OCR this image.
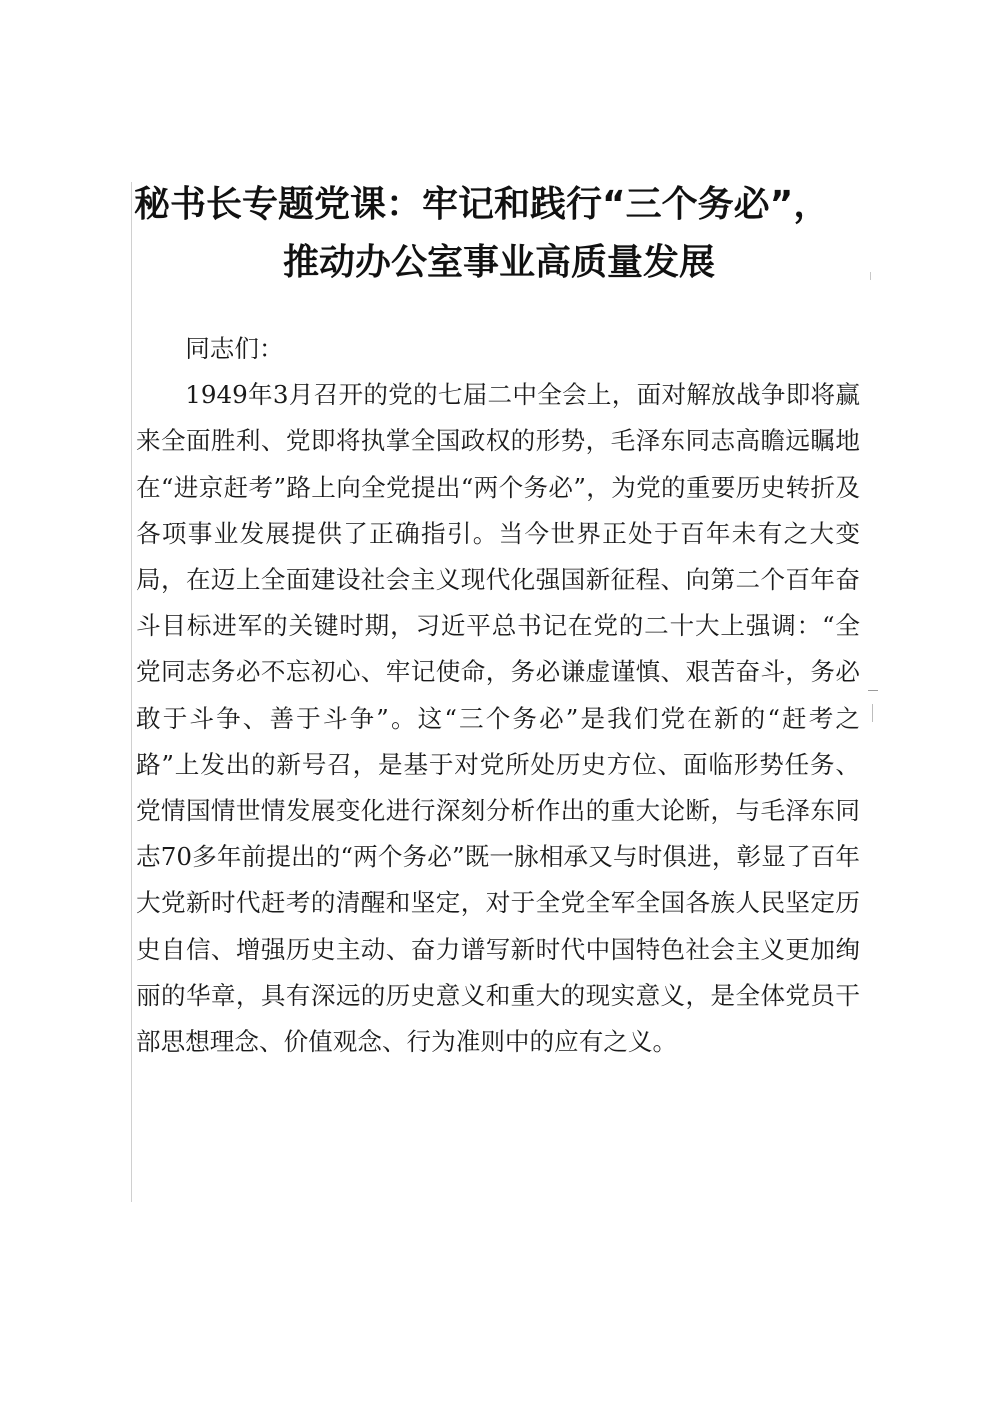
秘书长专题党课：牢记和践行“三个务必”，
推动办公室事业高质量发展

同志们：

1949年3月召开的党的七届二中全会上，面对解放战争即将赢来全面胜利、党即将执掌全国政权的形势，毛泽东同志高瞻远瞩地在“进京赶考”路上向全党提出“两个务必”，为党的重要历史转折及各项事业发展提供了正确指引。当今世界正处于百年未有之大变局，在迈上全面建设社会主义现代化强国新征程、向第二个百年奋斗目标进军的关键时期，习近平总书记在党的二十大上强调：“全党同志务必不忘初心、牢记使命，务必谦虚谨慎、艰苦奋斗，务必敢于斗争、善于斗争”。这“三个务必”是我们党在新的“赶考之路”上发出的新号召，是基于对党所处历史方位、面临形势任务、党情国情世情发展变化进行深刻分析作出的重大论断，与毛泽东同志70多年前提出的“两个务必”既一脉相承又与时俱进，彰显了百年大党新时代赶考的清醒和坚定，对于全党全军全国各族人民坚定历史自信、增强历史主动、奋力谱写新时代中国特色社会主义更加绚丽的华章，具有深远的历史意义和重大的现实意义，是全体党员干部思想理念、价值观念、行为准则中的应有之义。
